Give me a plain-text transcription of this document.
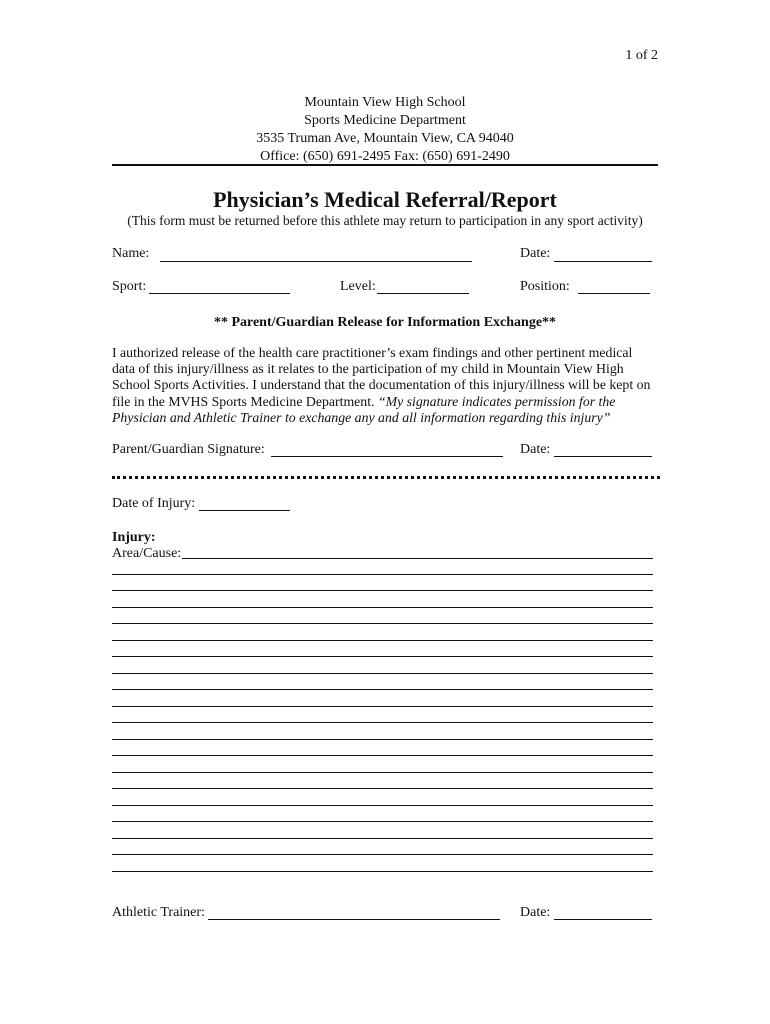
1 of 2
Mountain View High School
Sports Medicine Department
3535 Truman Ave, Mountain View, CA 94040
Office: (650) 691-2495 Fax: (650) 691-2490
Physician’s Medical Referral/Report
(This form must be returned before this athlete may return to participation in any sport activity)
Name:	Date:
Sport:	Level:	Position:
** Parent/Guardian Release for Information Exchange**
I authorized release of the health care practitioner’s exam findings and other pertinent medical data of this injury/illness as it relates to the participation of my child in Mountain View High School Sports Activities. I understand that the documentation of this injury/illness will be kept on file in the MVHS Sports Medicine Department. “My signature indicates permission for the Physician and Athletic Trainer to exchange any and all information regarding this injury”
Parent/Guardian Signature:	Date:
Date of Injury:
Injury:
Area/Cause:
Athletic Trainer:	Date:
